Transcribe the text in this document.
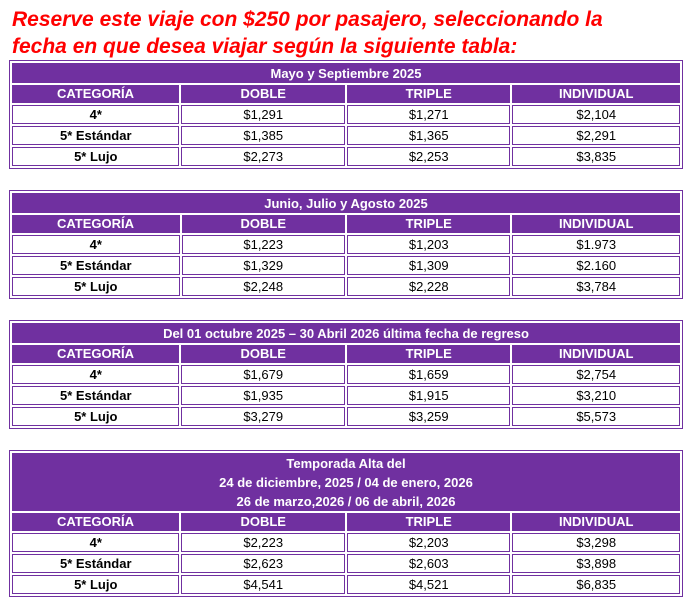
Reserve este viaje con $250 por pasajero, seleccionando la
fecha en que desea viajar según la siguiente tabla:

Mayo y Septiembre 2025			

CATEGORÍA	DOBLE	TRIPLE	INDIVIDUAL
4*	$1,291	$1,271	$2,104
5* Estándar	$1,385	$1,365	$2,291
5* Lujo	$2,273	$2,253	$3,835
Junio, Julio y Agosto 2025			

CATEGORÍA	DOBLE	TRIPLE	INDIVIDUAL
4*	$1,223	$1,203	$1.973
5* Estándar	$1,329	$1,309	$2.160
5* Lujo	$2,248	$2,228	$3,784
Del 01 octubre 2025 – 30 Abril 2026 última fecha de regreso			

CATEGORÍA	DOBLE	TRIPLE	INDIVIDUAL
4*	$1,679	$1,659	$2,754
5* Estándar	$1,935	$1,915	$3,210
5* Lujo	$3,279	$3,259	$5,573
Temporada Alta del
24 de diciembre, 2025 / 04 de enero, 2026
26 de marzo,2026 / 06 de abril, 2026			

CATEGORÍA	DOBLE	TRIPLE	INDIVIDUAL
4*	$2,223	$2,203	$3,298
5* Estándar	$2,623	$2,603	$3,898
5* Lujo	$4,541	$4,521	$6,835
